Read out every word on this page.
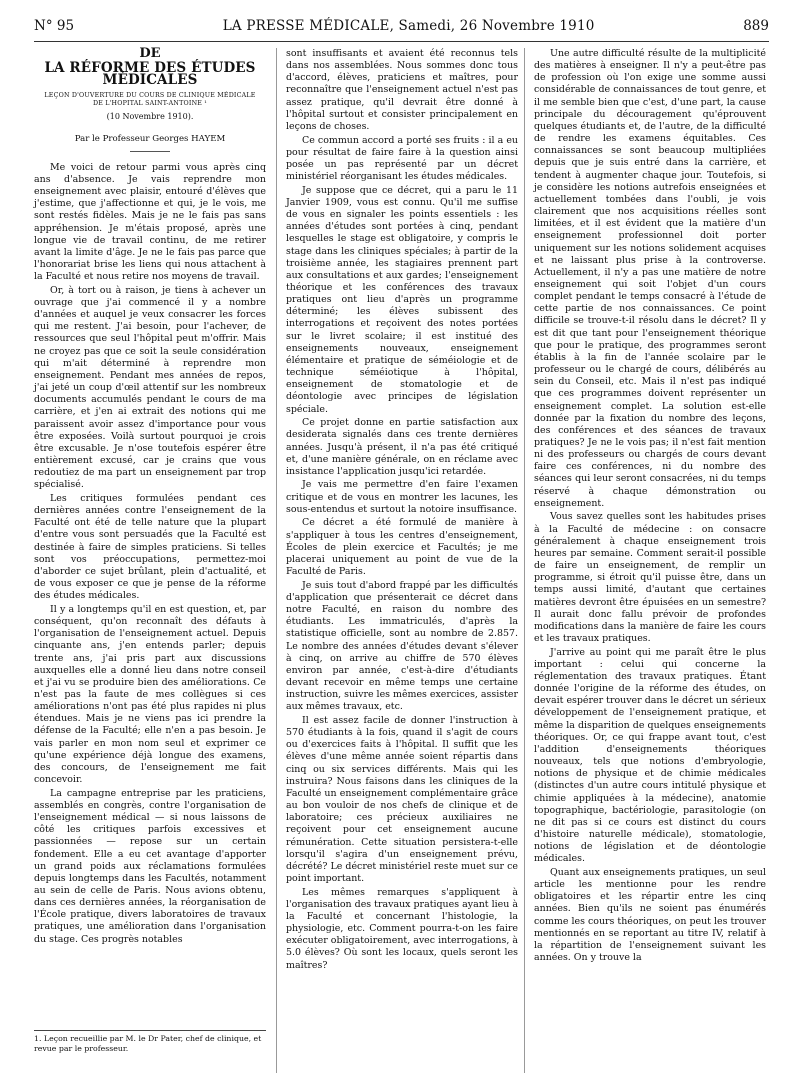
N° 95	LA PRESSE MÉDICALE, Samedi, 26 Novembre 1910	889
DE
LA RÉFORME DES ÉTUDES MÉDICALES
LEÇON D'OUVERTURE DU COURS DE CLINIQUE MÉDICALE DE L'HOPITAL SAINT-ANTOINE ¹
(10 Novembre 1910).
Par le Professeur Georges HAYEM

Me voici de retour parmi vous après cinq ans d'absence. Je vais reprendre mon enseignement avec plaisir, entouré d'élèves que j'estime, que j'affectionne et qui, je le vois, me sont restés fidèles. Mais je ne le fais pas sans appréhension. Je m'étais proposé, après une longue vie de travail continu, de me retirer avant la limite d'âge. Je ne le fais pas parce que l'honorariat brise les liens qui nous attachent à la Faculté et nous retire nos moyens de travail.

Or, à tort ou à raison, je tiens à achever un ouvrage que j'ai commencé il y a nombre d'années et auquel je veux consacrer les forces qui me restent. J'ai besoin, pour l'achever, de ressources que seul l'hôpital peut m'offrir. Mais ne croyez pas que ce soit la seule considération qui m'ait déterminé à reprendre mon enseignement. Pendant mes années de repos, j'ai jeté un coup d'œil attentif sur les nombreux documents accumulés pendant le cours de ma carrière, et j'en ai extrait des notions qui me paraissent avoir assez d'importance pour vous être exposées. Voilà surtout pourquoi je crois être excusable. Je n'ose toutefois espérer être entièrement excusé, car je crains que vous redoutiez de ma part un enseignement par trop spécialisé.

Les critiques formulées pendant ces dernières années contre l'enseignement de la Faculté ont été de telle nature que la plupart d'entre vous sont persuadés que la Faculté est destinée à faire de simples praticiens. Si telles sont vos préoccupations, permettez-moi d'aborder ce sujet brûlant, plein d'actualité, et de vous exposer ce que je pense de la réforme des études médicales.

Il y a longtemps qu'il en est question, et, par conséquent, qu'on reconnaît des défauts à l'organisation de l'enseignement actuel. Depuis cinquante ans, j'en entends parler; depuis trente ans, j'ai pris part aux discussions auxquelles elle a donné lieu dans notre conseil et j'ai vu se produire bien des améliorations. Ce n'est pas la faute de mes collègues si ces améliorations n'ont pas été plus rapides ni plus étendues. Mais je ne viens pas ici prendre la défense de la Faculté; elle n'en a pas besoin. Je vais parler en mon nom seul et exprimer ce qu'une expérience déjà longue des examens, des concours, de l'enseignement me fait concevoir.

La campagne entreprise par les praticiens, assemblés en congrès, contre l'organisation de l'enseignement médical — si nous laissons de côté les critiques parfois excessives et passionnées — repose sur un certain fondement. Elle a eu cet avantage d'apporter un grand poids aux réclamations formulées depuis longtemps dans les Facultés, notamment au sein de celle de Paris. Nous avions obtenu, dans ces dernières années, la réorganisation de l'École pratique, divers laboratoires de travaux pratiques, une amélioration dans l'organisation du stage. Ces progrès notables

1. Leçon recueillie par M. le Dr Pater, chef de clinique, et revue par le professeur.

sont insuffisants et avaient été reconnus tels dans nos assemblées. Nous sommes donc tous d'accord, élèves, praticiens et maîtres, pour reconnaître que l'enseignement actuel n'est pas assez pratique, qu'il devrait être donné à l'hôpital surtout et consister principalement en leçons de choses.

Ce commun accord a porté ses fruits : il a eu pour résultat de faire faire à la question ainsi posée un pas représenté par un décret ministériel réorganisant les études médicales.

Je suppose que ce décret, qui a paru le 11 Janvier 1909, vous est connu. Qu'il me suffise de vous en signaler les points essentiels : les années d'études sont portées à cinq, pendant lesquelles le stage est obligatoire, y compris le stage dans les cliniques spéciales; à partir de la troisième année, les stagiaires prennent part aux consultations et aux gardes; l'enseignement théorique et les conférences des travaux pratiques ont lieu d'après un programme déterminé; les élèves subissent des interrogations et reçoivent des notes portées sur le livret scolaire; il est institué des enseignements nouveaux, enseignement élémentaire et pratique de séméiologie et de technique séméiotique à l'hôpital, enseignement de stomatologie et de déontologie avec principes de législation spéciale.

Ce projet donne en partie satisfaction aux desiderata signalés dans ces trente dernières années. Jusqu'à présent, il n'a pas été critiqué et, d'une manière générale, on en réclame avec insistance l'application jusqu'ici retardée.

Je vais me permettre d'en faire l'examen critique et de vous en montrer les lacunes, les sous-entendus et surtout la notoire insuffisance.

Ce décret a été formulé de manière à s'appliquer à tous les centres d'enseignement, Écoles de plein exercice et Facultés; je me placerai uniquement au point de vue de la Faculté de Paris.

Je suis tout d'abord frappé par les difficultés d'application que présenterait ce décret dans notre Faculté, en raison du nombre des étudiants. Les immatriculés, d'après la statistique officielle, sont au nombre de 2.857. Le nombre des années d'études devant s'élever à cinq, on arrive au chiffre de 570 élèves environ par année, c'est-à-dire d'étudiants devant recevoir en même temps une certaine instruction, suivre les mêmes exercices, assister aux mêmes travaux, etc.

Il est assez facile de donner l'instruction à 570 étudiants à la fois, quand il s'agit de cours ou d'exercices faits à l'hôpital. Il suffit que les élèves d'une même année soient répartis dans cinq ou six services différents. Mais qui les instruira? Nous faisons dans les cliniques de la Faculté un enseignement complémentaire grâce au bon vouloir de nos chefs de clinique et de laboratoire; ces précieux auxiliaires ne reçoivent pour cet enseignement aucune rémunération. Cette situation persistera-t-elle lorsqu'il s'agira d'un enseignement prévu, décrété? Le décret ministériel reste muet sur ce point important.

Les mêmes remarques s'appliquent à l'organisation des travaux pratiques ayant lieu à la Faculté et concernant l'histologie, la physiologie, etc. Comment pourra-t-on les faire exécuter obligatoirement, avec interrogations, à 5.0 élèves? Où sont les locaux, quels seront les maîtres?

Une autre difficulté résulte de la multiplicité des matières à enseigner. Il n'y a peut-être pas de profession où l'on exige une somme aussi considérable de connaissances de tout genre, et il me semble bien que c'est, d'une part, la cause principale du découragement qu'éprouvent quelques étudiants et, de l'autre, de la difficulté de rendre les examens équitables. Ces connaissances se sont beaucoup multipliées depuis que je suis entré dans la carrière, et tendent à augmenter chaque jour. Toutefois, si je considère les notions autrefois enseignées et actuellement tombées dans l'oubli, je vois clairement que nos acquisitions réelles sont limitées, et il est évident que la matière d'un enseignement professionnel doit porter uniquement sur les notions solidement acquises et ne laissant plus prise à la controverse. Actuellement, il n'y a pas une matière de notre enseignement qui soit l'objet d'un cours complet pendant le temps consacré à l'étude de cette partie de nos connaissances. Ce point difficile se trouve-t-il résolu dans le décret? Il y est dit que tant pour l'enseignement théorique que pour le pratique, des programmes seront établis à la fin de l'année scolaire par le professeur ou le chargé de cours, délibérés au sein du Conseil, etc. Mais il n'est pas indiqué que ces programmes doivent représenter un enseignement complet. La solution est-elle donnée par la fixation du nombre des leçons, des conférences et des séances de travaux pratiques? Je ne le vois pas; il n'est fait mention ni des professeurs ou chargés de cours devant faire ces conférences, ni du nombre des séances qui leur seront consacrées, ni du temps réservé à chaque démonstration ou enseignement.

Vous savez quelles sont les habitudes prises à la Faculté de médecine : on consacre généralement à chaque enseignement trois heures par semaine. Comment serait-il possible de faire un enseignement, de remplir un programme, si étroit qu'il puisse être, dans un temps aussi limité, d'autant que certaines matières devront être épuisées en un semestre? Il aurait donc fallu prévoir de profondes modifications dans la manière de faire les cours et les travaux pratiques.

J'arrive au point qui me paraît être le plus important : celui qui concerne la réglementation des travaux pratiques. Étant donnée l'origine de la réforme des études, on devait espérer trouver dans le décret un sérieux développement de l'enseignement pratique, et même la disparition de quelques enseignements théoriques. Or, ce qui frappe avant tout, c'est l'addition d'enseignements théoriques nouveaux, tels que notions d'embryologie, notions de physique et de chimie médicales (distinctes d'un autre cours intitulé physique et chimie appliquées à la médecine), anatomie topographique, bactériologie, parasitologie (on ne dit pas si ce cours est distinct du cours d'histoire naturelle médicale), stomatologie, notions de législation et de déontologie médicales.

Quant aux enseignements pratiques, un seul article les mentionne pour les rendre obligatoires et les répartir entre les cinq années. Bien qu'ils ne soient pas énumérés comme les cours théoriques, on peut les trouver mentionnés en se reportant au titre IV, relatif à la répartition de l'enseignement suivant les années. On y trouve la
